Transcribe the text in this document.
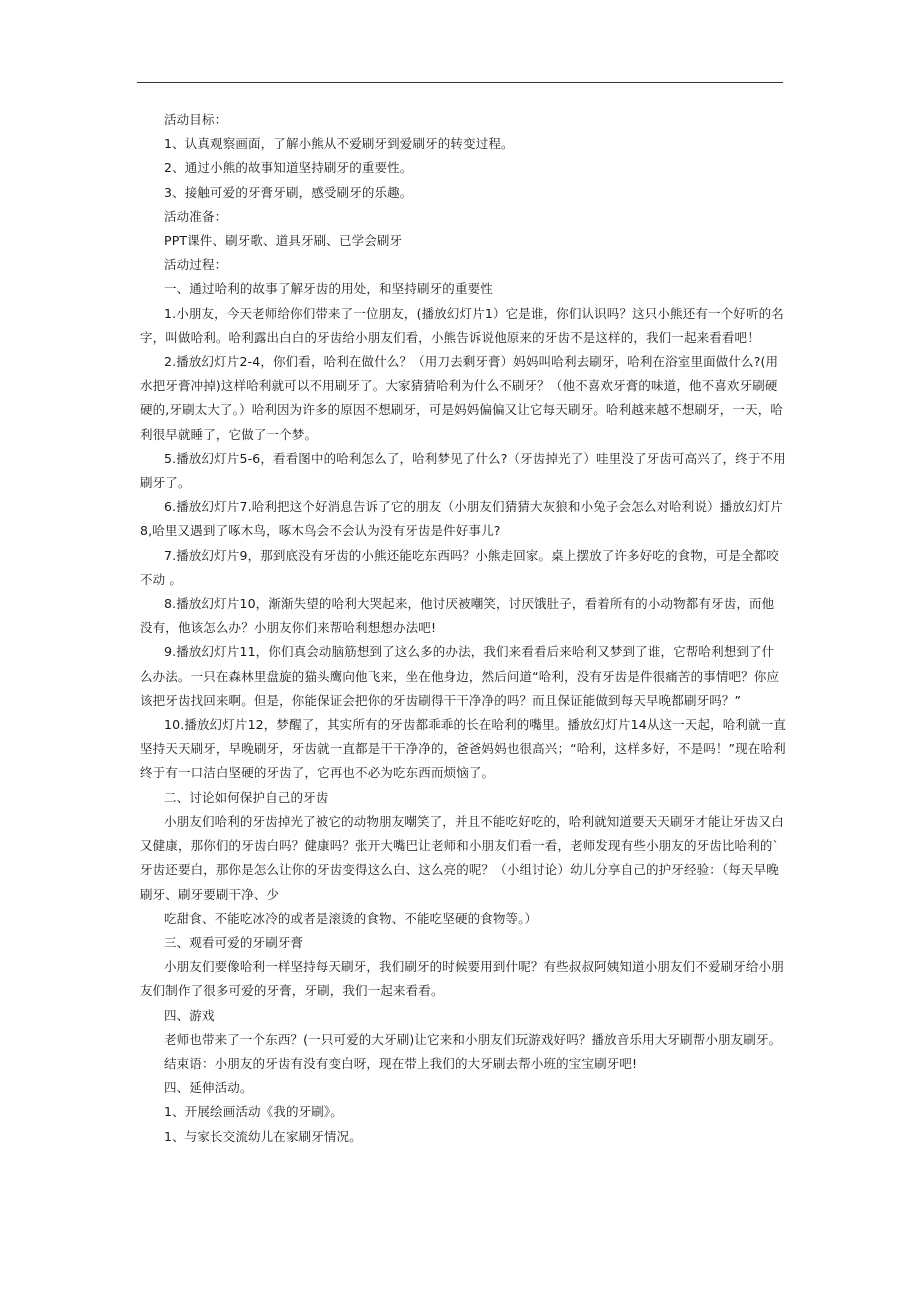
活动目标：

1、认真观察画面，了解小熊从不爱刷牙到爱刷牙的转变过程。

2、通过小熊的故事知道坚持刷牙的重要性。

3、接触可爱的牙膏牙刷，感受刷牙的乐趣。

活动准备：

PPT课件、刷牙歌、道具牙刷、已学会刷牙

活动过程：

一、通过哈利的故事了解牙齿的用处，和坚持刷牙的重要性

1.小朋友，今天老师给你们带来了一位朋友，(播放幻灯片1）它是谁，你们认识吗？这只小熊还有一个好听的名字，叫做哈利。哈利露出白白的牙齿给小朋友们看，小熊告诉说他原来的牙齿不是这样的，我们一起来看看吧！

2.播放幻灯片2-4，你们看，哈利在做什么？（用刀去剩牙膏）妈妈叫哈利去刷牙，哈利在浴室里面做什么?(用水把牙膏冲掉)这样哈利就可以不用刷牙了。大家猜猜哈利为什么不刷牙？（他不喜欢牙膏的味道，他不喜欢牙刷硬硬的,牙刷太大了。）哈利因为许多的原因不想刷牙，可是妈妈偏偏又让它每天刷牙。哈利越来越不想刷牙，一天，哈利很早就睡了，它做了一个梦。

5.播放幻灯片5-6，看看图中的哈利怎么了，哈利梦见了什么?（牙齿掉光了）哇里没了牙齿可高兴了，终于不用刷牙了。

6.播放幻灯片7.哈利把这个好消息告诉了它的朋友（小朋友们猜猜大灰狼和小兔子会怎么对哈利说）播放幻灯片8,哈里又遇到了啄木鸟，啄木鸟会不会认为没有牙齿是件好事儿?

7.播放幻灯片9，那到底没有牙齿的小熊还能吃东西吗？小熊走回家。桌上摆放了许多好吃的食物，可是全都咬不动 。

8.播放幻灯片10，渐渐失望的哈利大哭起来，他讨厌被嘲笑，讨厌饿肚子，看着所有的小动物都有牙齿，而他没有，他该怎么办？小朋友你们来帮哈利想想办法吧!

9.播放幻灯片11，你们真会动脑筋想到了这么多的办法，我们来看看后来哈利又梦到了谁，它帮哈利想到了什么办法。一只在森林里盘旋的猫头鹰向他飞来，坐在他身边，然后问道“哈利，没有牙齿是件很痛苦的事情吧？你应该把牙齿找回来啊。但是，你能保证会把你的牙齿刷得干干净净的吗？而且保证能做到每天早晚都刷牙吗？”

10.播放幻灯片12，梦醒了，其实所有的牙齿都乖乖的长在哈利的嘴里。播放幻灯片14从这一天起，哈利就一直坚持天天刷牙，早晚刷牙，牙齿就一直都是干干净净的，爸爸妈妈也很高兴；“哈利，这样多好，不是吗！”现在哈利终于有一口洁白坚硬的牙齿了，它再也不必为吃东西而烦恼了。

二、讨论如何保护自己的牙齿

小朋友们哈利的牙齿掉光了被它的动物朋友嘲笑了，并且不能吃好吃的，哈利就知道要天天刷牙才能让牙齿又白又健康，那你们的牙齿白吗？健康吗？张开大嘴巴让老师和小朋友们看一看，老师发现有些小朋友的牙齿比哈利的`牙齿还要白，那你是怎么让你的牙齿变得这么白、这么亮的呢？（小组讨论）幼儿分享自己的护牙经验：（每天早晚刷牙、刷牙要刷干净、少

吃甜食、不能吃冰冷的或者是滚烫的食物、不能吃坚硬的食物等。）

三、观看可爱的牙刷牙膏

小朋友们要像哈利一样坚持每天刷牙，我们刷牙的时候要用到什呢？有些叔叔阿姨知道小朋友们不爱刷牙给小朋友们制作了很多可爱的牙膏，牙刷，我们一起来看看。

四、游戏

老师也带来了一个东西？(一只可爱的大牙刷)让它来和小朋友们玩游戏好吗？播放音乐用大牙刷帮小朋友刷牙。

结束语：小朋友的牙齿有没有变白呀，现在带上我们的大牙刷去帮小班的宝宝刷牙吧!

四、延伸活动。

1、开展绘画活动《我的牙刷》。

1、与家长交流幼儿在家刷牙情况。
